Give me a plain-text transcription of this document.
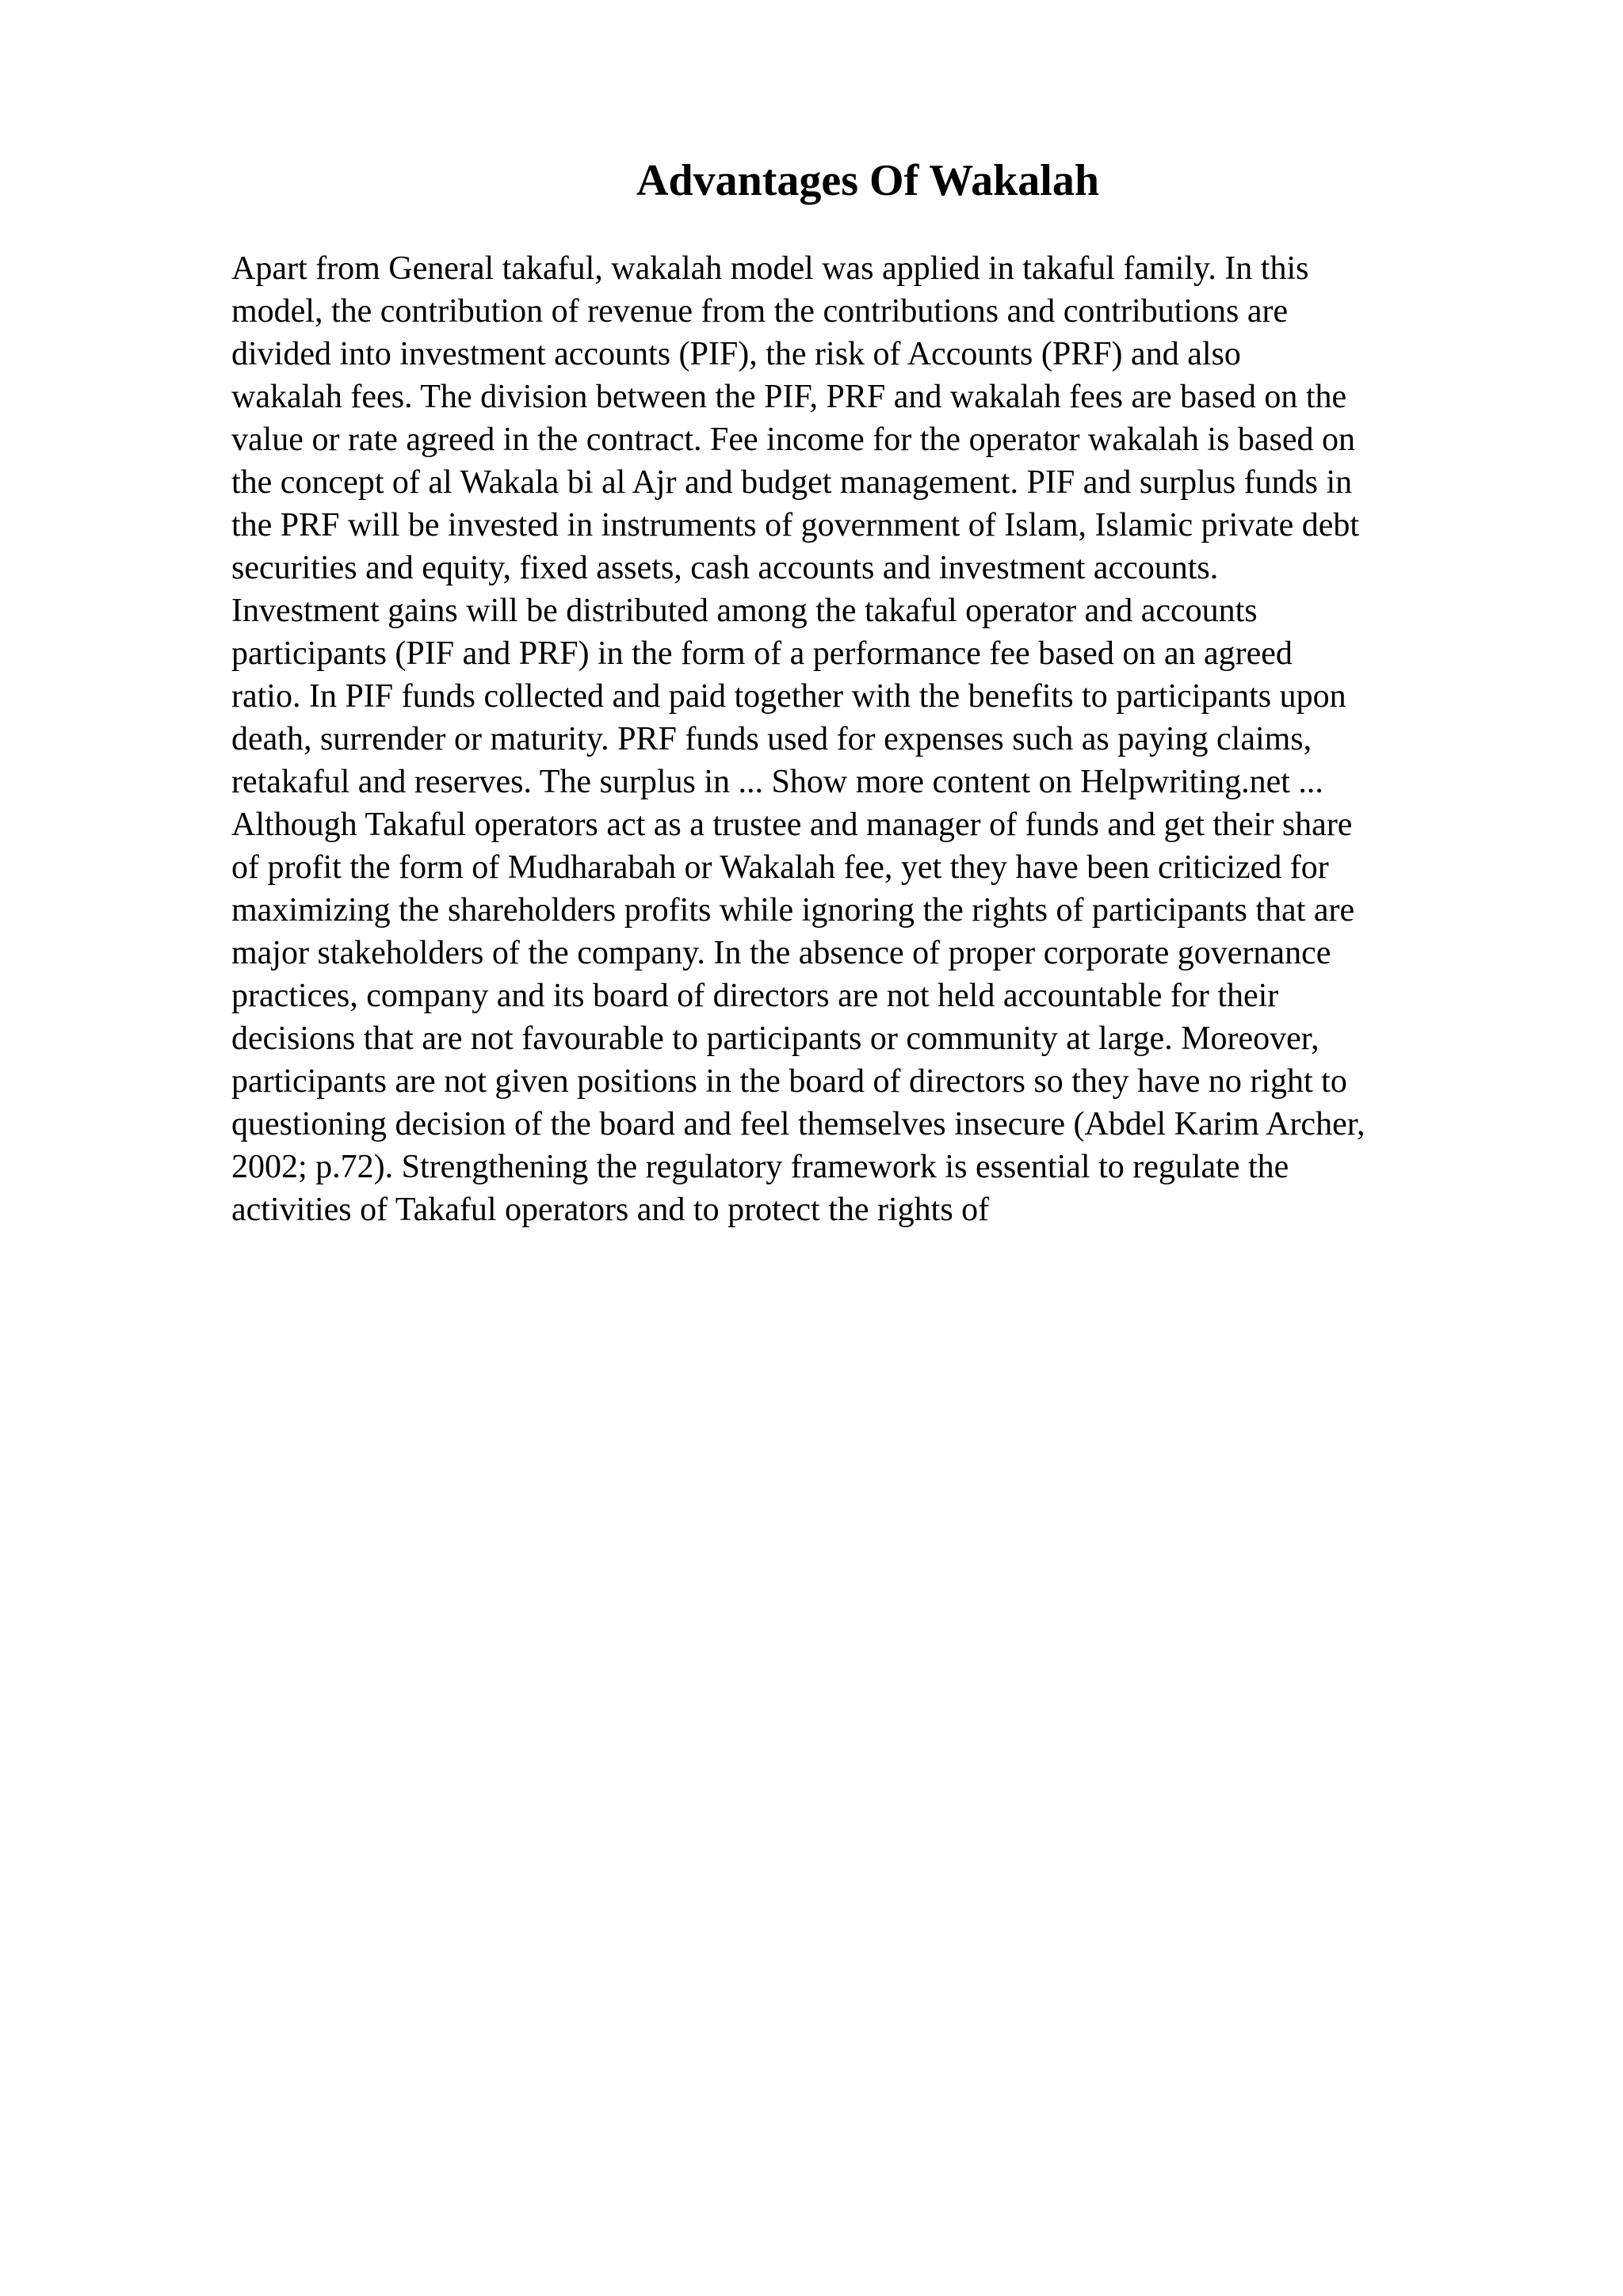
Advantages Of Wakalah
Apart from General takaful, wakalah model was applied in takaful family. In this
model, the contribution of revenue from the contributions and contributions are
divided into investment accounts (PIF), the risk of Accounts (PRF) and also
wakalah fees. The division between the PIF, PRF and wakalah fees are based on the
value or rate agreed in the contract. Fee income for the operator wakalah is based on
the concept of al Wakala bi al Ajr and budget management. PIF and surplus funds in
the PRF will be invested in instruments of government of Islam, Islamic private debt
securities and equity, fixed assets, cash accounts and investment accounts.
Investment gains will be distributed among the takaful operator and accounts
participants (PIF and PRF) in the form of a performance fee based on an agreed
ratio. In PIF funds collected and paid together with the benefits to participants upon
death, surrender or maturity. PRF funds used for expenses such as paying claims,
retakaful and reserves. The surplus in ... Show more content on Helpwriting.net ...
Although Takaful operators act as a trustee and manager of funds and get their share
of profit the form of Mudharabah or Wakalah fee, yet they have been criticized for
maximizing the shareholders profits while ignoring the rights of participants that are
major stakeholders of the company. In the absence of proper corporate governance
practices, company and its board of directors are not held accountable for their
decisions that are not favourable to participants or community at large. Moreover,
participants are not given positions in the board of directors so they have no right to
questioning decision of the board and feel themselves insecure (Abdel Karim Archer,
2002; p.72). Strengthening the regulatory framework is essential to regulate the
activities of Takaful operators and to protect the rights of
